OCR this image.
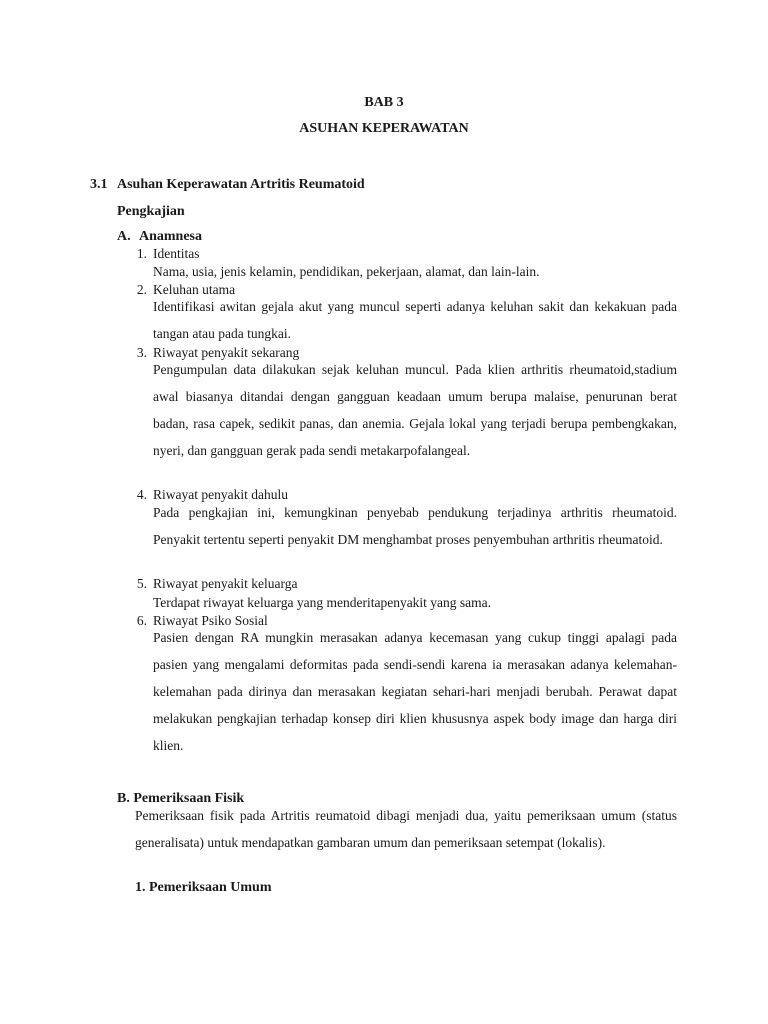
BAB 3
ASUHAN KEPERAWATAN
3.1 Asuhan Keperawatan Artritis Reumatoid
Pengkajian
A. Anamnesa
1. Identitas
Nama, usia, jenis kelamin, pendidikan, pekerjaan, alamat, dan lain-lain.
2. Keluhan utama
Identifikasi awitan gejala akut yang muncul seperti adanya keluhan sakit dan kekakuan pada tangan atau pada tungkai.
3. Riwayat penyakit sekarang
Pengumpulan data dilakukan sejak keluhan muncul. Pada klien arthritis rheumatoid,stadium awal biasanya ditandai dengan gangguan keadaan umum berupa malaise, penurunan berat badan, rasa capek, sedikit panas, dan anemia. Gejala lokal yang terjadi berupa pembengkakan, nyeri, dan gangguan gerak pada sendi metakarpofalangeal.
4. Riwayat penyakit dahulu
Pada pengkajian ini, kemungkinan penyebab pendukung terjadinya arthritis rheumatoid. Penyakit tertentu seperti penyakit DM menghambat proses penyembuhan arthritis rheumatoid.
5. Riwayat penyakit keluarga
Terdapat riwayat keluarga yang menderitapenyakit yang sama.
6. Riwayat Psiko Sosial
Pasien dengan RA mungkin merasakan adanya kecemasan yang cukup tinggi apalagi pada pasien yang mengalami deformitas pada sendi-sendi karena ia merasakan adanya kelemahan-kelemahan pada dirinya dan merasakan kegiatan sehari-hari menjadi berubah. Perawat dapat melakukan pengkajian terhadap konsep diri klien khususnya aspek body image dan harga diri klien.
B. Pemeriksaan Fisik
Pemeriksaan fisik pada Artritis reumatoid dibagi menjadi dua, yaitu pemeriksaan umum (status generalisata) untuk mendapatkan gambaran umum dan pemeriksaan setempat (lokalis).
1. Pemeriksaan Umum
